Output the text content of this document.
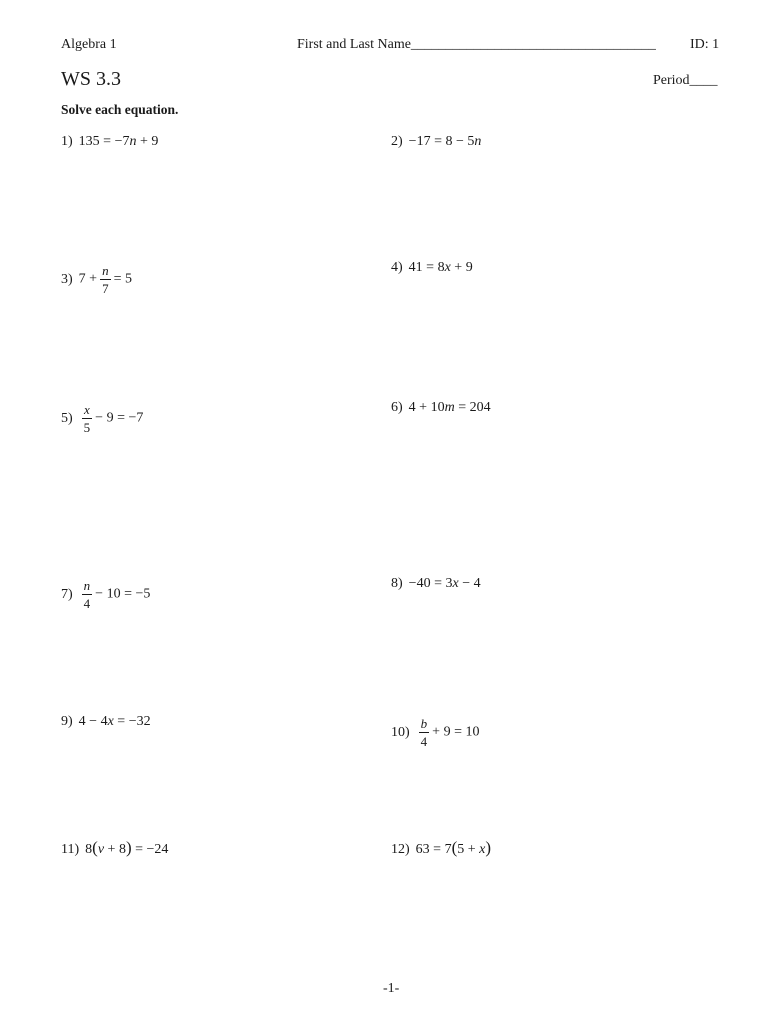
Algebra 1	First and Last Name___________________________________ ID: 1
WS 3.3	Period____
Solve each equation.
1) 135 = −7n + 9	2) −17 = 8 − 5n
3) $7 + \frac{n}{7} = 5$
4) 41 = 8x + 9
$5) \frac{x}{5} - 9 = -7$
6) 4 + 10m = 204
$7) \frac{n}{4} - 10 = -5$
8) −40 = 3x − 4
9) 4 − 4x = −32
$10) \frac{b}{4} + 9 = 10$
11) 8(v + 8) = −24	12) 63 = 7(5 + x)
-1-
